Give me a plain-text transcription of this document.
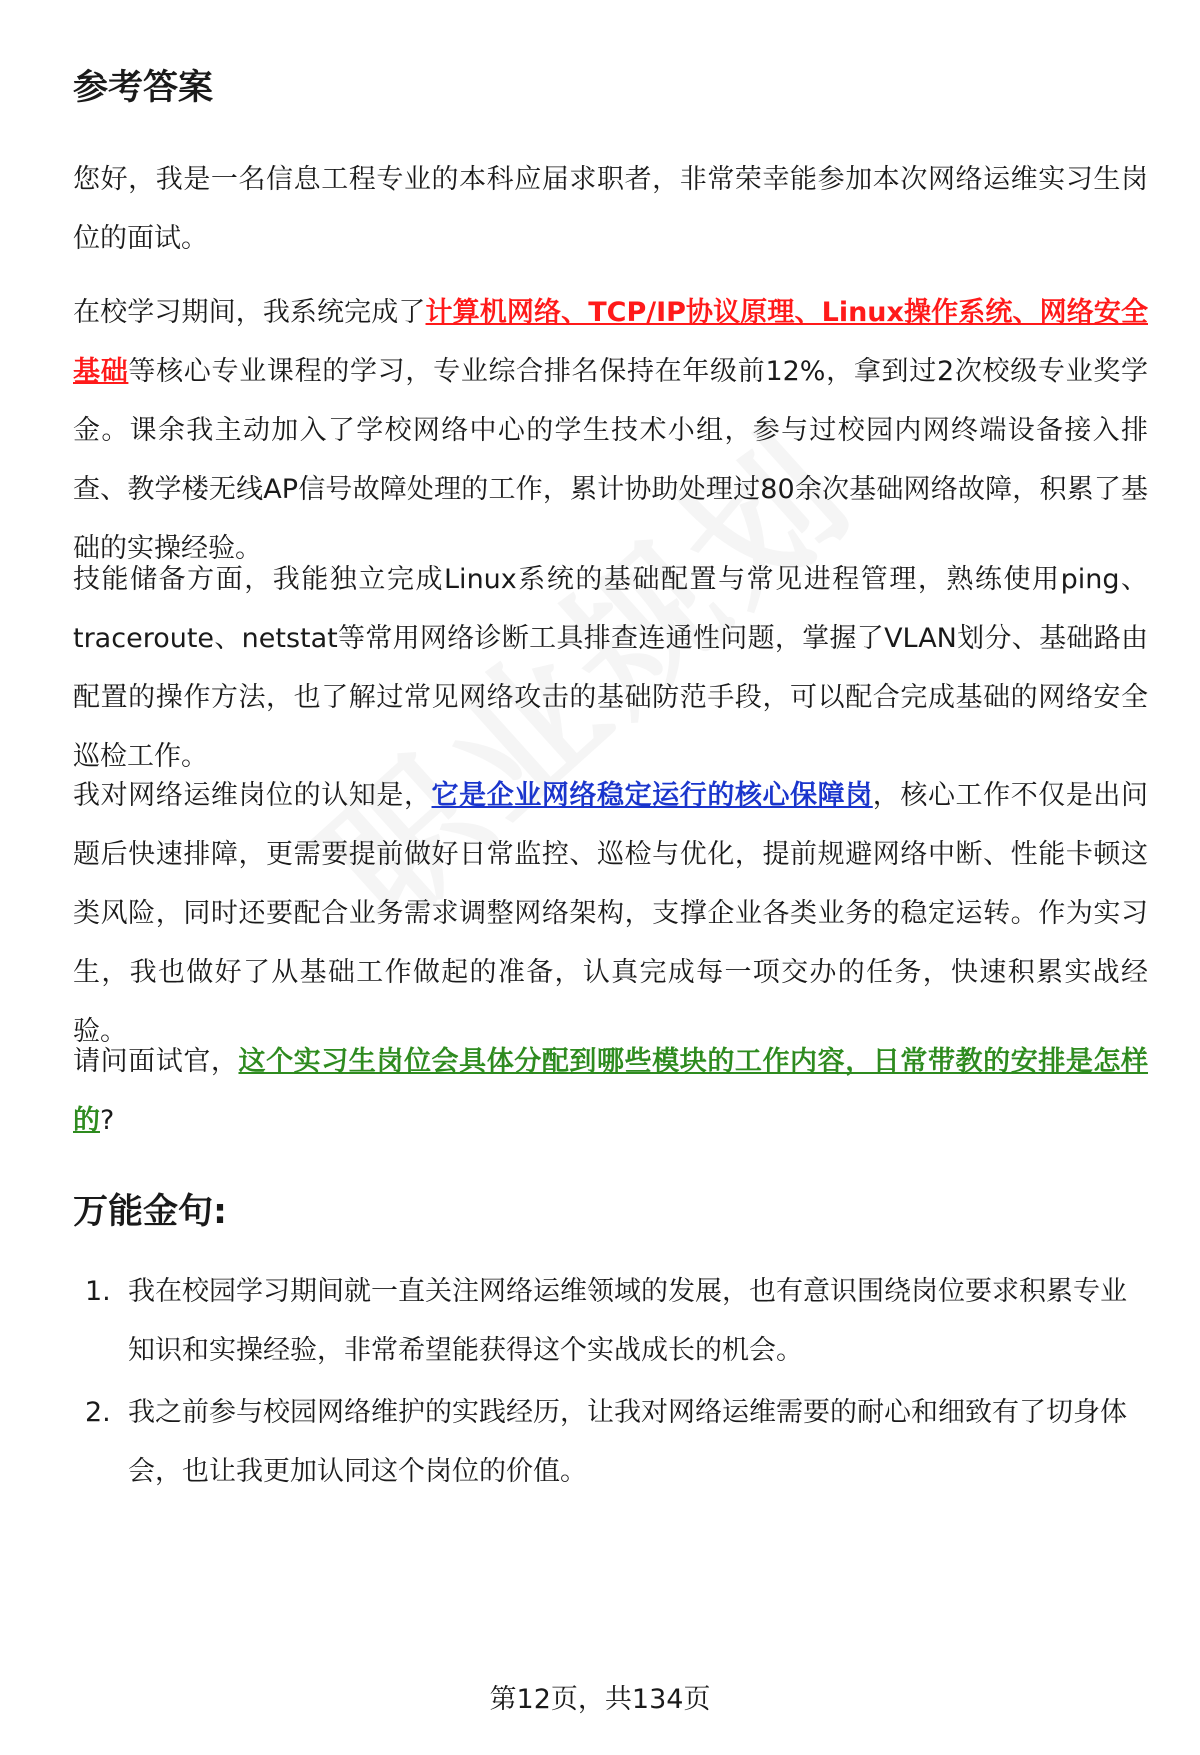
参考答案

您好，我是一名信息工程专业的本科应届求职者，非常荣幸能参加本次网络运维实习生岗位的面试。

在校学习期间，我系统完成了计算机网络、TCP/IP协议原理、Linux操作系统、网络安全基础等核心专业课程的学习，专业综合排名保持在年级前12%，拿到过2次校级专业奖学金。课余我主动加入了学校网络中心的学生技术小组，参与过校园内网终端设备接入排查、教学楼无线AP信号故障处理的工作，累计协助处理过80余次基础网络故障，积累了基础的实操经验。

技能储备方面，我能独立完成Linux系统的基础配置与常见进程管理，熟练使用ping、traceroute、netstat等常用网络诊断工具排查连通性问题，掌握了VLAN划分、基础路由配置的操作方法，也了解过常见网络攻击的基础防范手段，可以配合完成基础的网络安全巡检工作。

我对网络运维岗位的认知是，它是企业网络稳定运行的核心保障岗，核心工作不仅是出问题后快速排障，更需要提前做好日常监控、巡检与优化，提前规避网络中断、性能卡顿这类风险，同时还要配合业务需求调整网络架构，支撑企业各类业务的稳定运转。作为实习生，我也做好了从基础工作做起的准备，认真完成每一项交办的任务，快速积累实战经验。

请问面试官，这个实习生岗位会具体分配到哪些模块的工作内容，日常带教的安排是怎样的?

万能金句:
1. 我在校园学习期间就一直关注网络运维领域的发展，也有意识围绕岗位要求积累专业知识和实操经验，非常希望能获得这个实战成长的机会。
2. 我之前参与校园网络维护的实践经历，让我对网络运维需要的耐心和细致有了切身体会，也让我更加认同这个岗位的价值。
第12页，共134页
